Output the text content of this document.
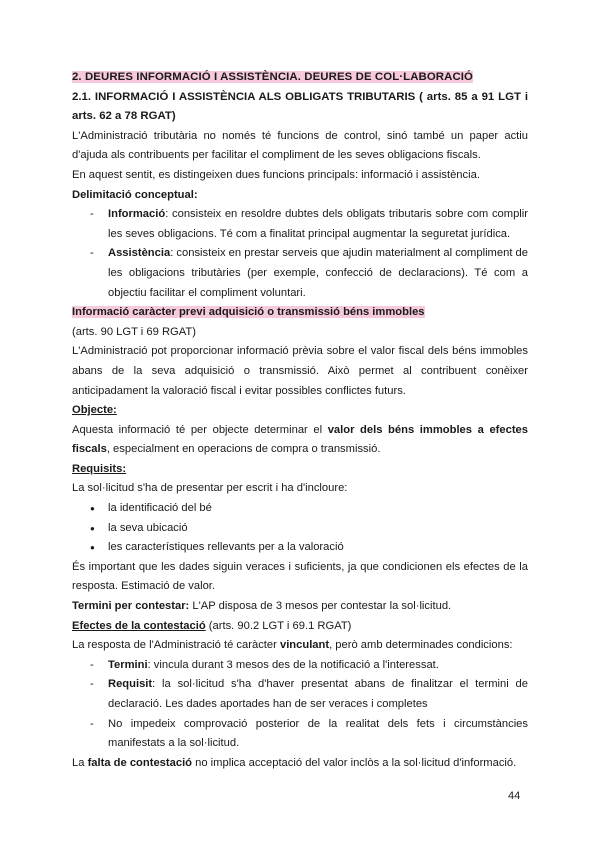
2. DEURES INFORMACIÓ I ASSISTÈNCIA. DEURES DE COL·LABORACIÓ

2.1. INFORMACIÓ I ASSISTÈNCIA ALS OBLIGATS TRIBUTARIS ( arts. 85 a 91 LGT i arts. 62 a 78 RGAT)

L'Administració tributària no només té funcions de control, sinó també un paper actiu d'ajuda als contribuents per facilitar el compliment de les seves obligacions fiscals.

En aquest sentit, es distingeixen dues funcions principals: informació i assistència.

Delimitació conceptual:

- Informació: consisteix en resoldre dubtes dels obligats tributaris sobre com complir les seves obligacions. Té com a finalitat principal augmentar la seguretat jurídica.
- Assistència: consisteix en prestar serveis que ajudin materialment al compliment de les obligacions tributàries (per exemple, confecció de declaracions). Té com a objectiu facilitar el compliment voluntari.

Informació caràcter previ adquisició o transmissió béns immobles

(arts. 90 LGT i 69 RGAT)

L'Administració pot proporcionar informació prèvia sobre el valor fiscal dels béns immobles abans de la seva adquisició o transmissió. Això permet al contribuent conèixer anticipadament la valoració fiscal i evitar possibles conflictes futurs.

Objecte:

Aquesta informació té per objecte determinar el valor dels béns immobles a efectes fiscals, especialment en operacions de compra o transmissió.

Requisits:

La sol·licitud s'ha de presentar per escrit i ha d'incloure:

● la identificació del bé
● la seva ubicació
● les característiques rellevants per a la valoració

És important que les dades siguin veraces i suficients, ja que condicionen els efectes de la resposta. Estimació de valor.

Termini per contestar: L'AP disposa de 3 mesos per contestar la sol·licitud.

Efectes de la contestació (arts. 90.2 LGT i 69.1 RGAT)

La resposta de l'Administració té caràcter vinculant, però amb determinades condicions:

- Termini: vincula durant 3 mesos des de la notificació a l'interessat.
- Requisit: la sol·licitud s'ha d'haver presentat abans de finalitzar el termini de declaració. Les dades aportades han de ser veraces i completes
- No impedeix comprovació posterior de la realitat dels fets i circumstàncies manifestats a la sol·licitud.

La falta de contestació no implica acceptació del valor inclòs a la sol·licitud d'informació.

44
